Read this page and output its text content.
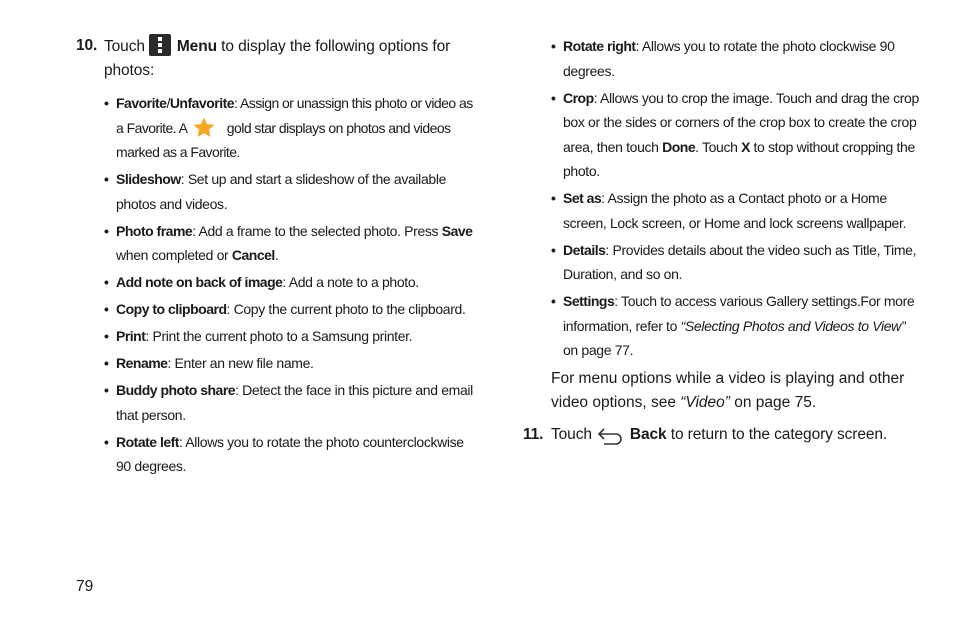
10. Touch Menu to display the following options for photos:
• Favorite/Unfavorite: Assign or unassign this photo or video as a Favorite. A	gold star displays on photos and videos marked as a Favorite.
• Slideshow: Set up and start a slideshow of the available photos and videos.
• Photo frame: Add a frame to the selected photo. Press Save when completed or Cancel.
• Add note on back of image: Add a note to a photo.
• Copy to clipboard: Copy the current photo to the clipboard.
• Print: Print the current photo to a Samsung printer.
• Rename: Enter an new file name.
• Buddy photo share: Detect the face in this picture and email that person.
• Rotate left: Allows you to rotate the photo counterclockwise 90 degrees.
• Rotate right: Allows you to rotate the photo clockwise 90 degrees.
• Crop: Allows you to crop the image. Touch and drag the crop box or the sides or corners of the crop box to create the crop area, then touch Done. Touch X to stop without cropping the photo.
• Set as: Assign the photo as a Contact photo or a Home screen, Lock screen, or Home and lock screens wallpaper.
• Details: Provides details about the video such as Title, Time, Duration, and so on.
• Settings: Touch to access various Gallery settings.For more information, refer to “Selecting Photos and Videos to View” on page 77.
For menu options while a video is playing and other video options, see “Video” on page 75.
11. Touch Back to return to the category screen.
79
